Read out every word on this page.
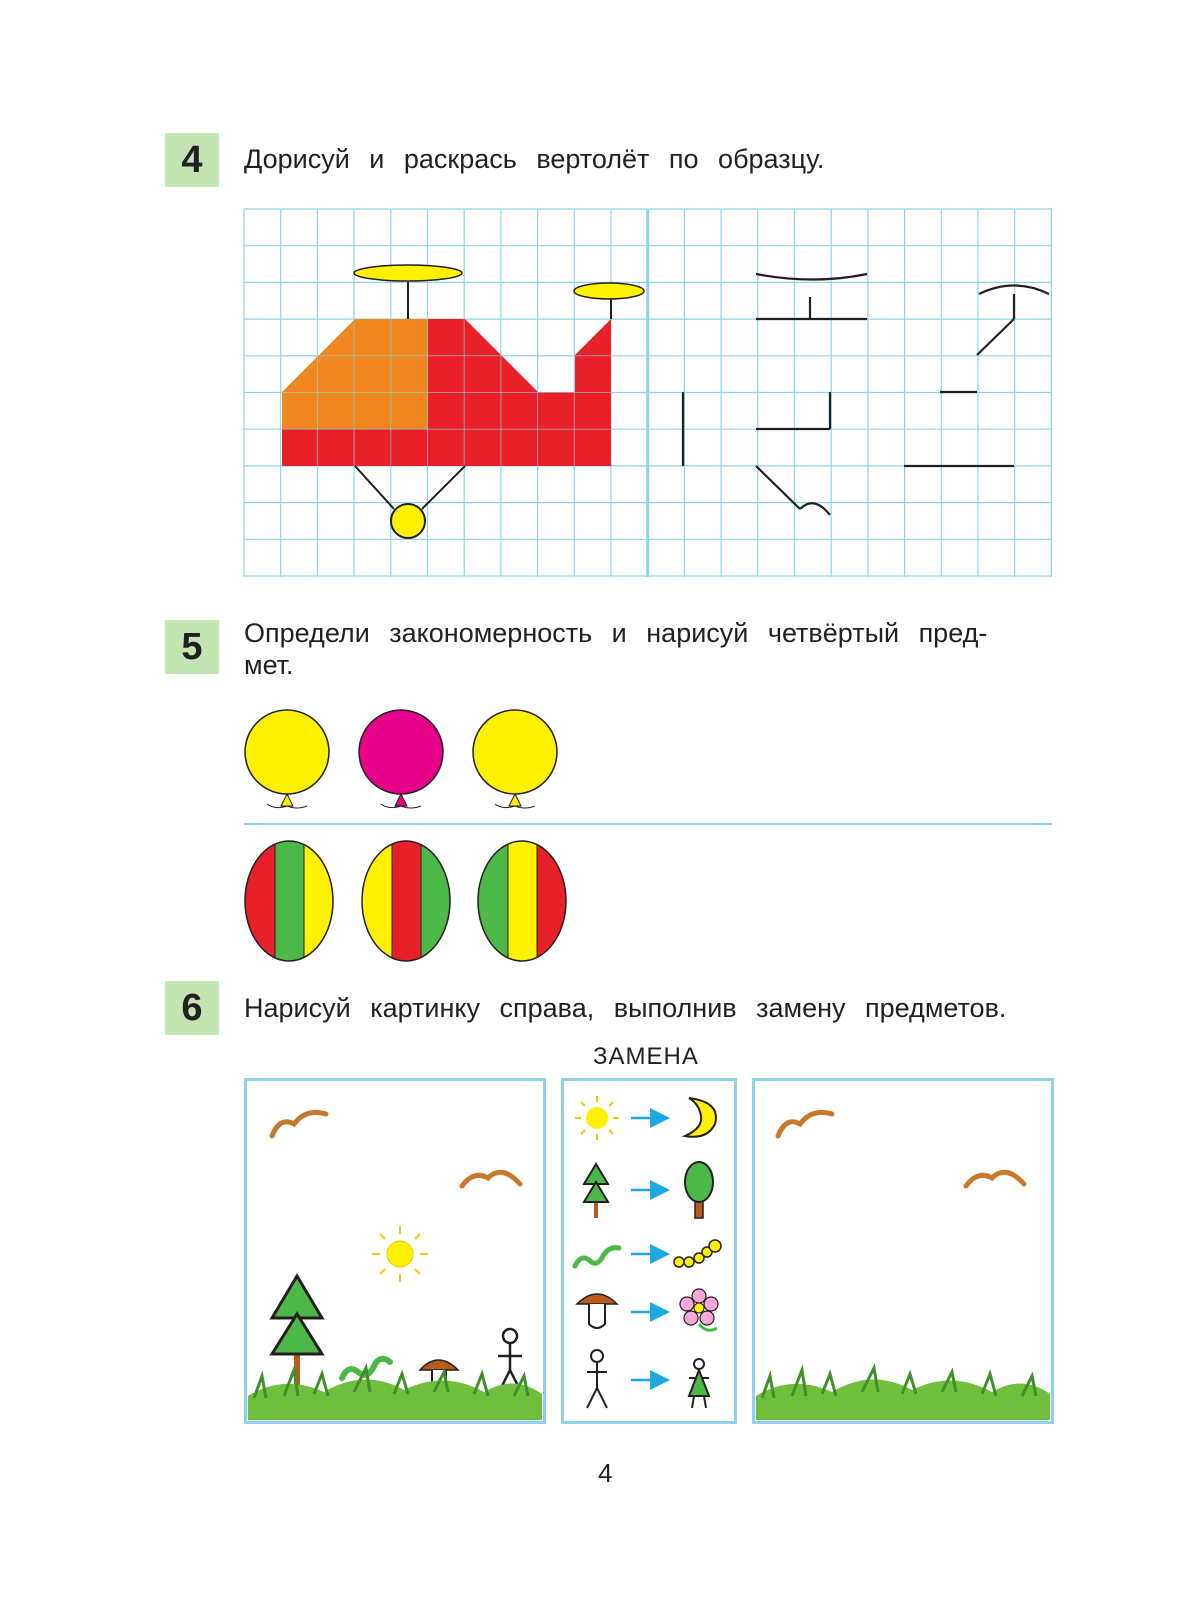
4 Дорисуй и раскрась вертолёт по образцу.
5 Определи закономерность и нарисуй четвёртый пред-
мет.
6 Нарисуй картинку справа, выполнив замену предметов.
ЗАМЕНА
4
